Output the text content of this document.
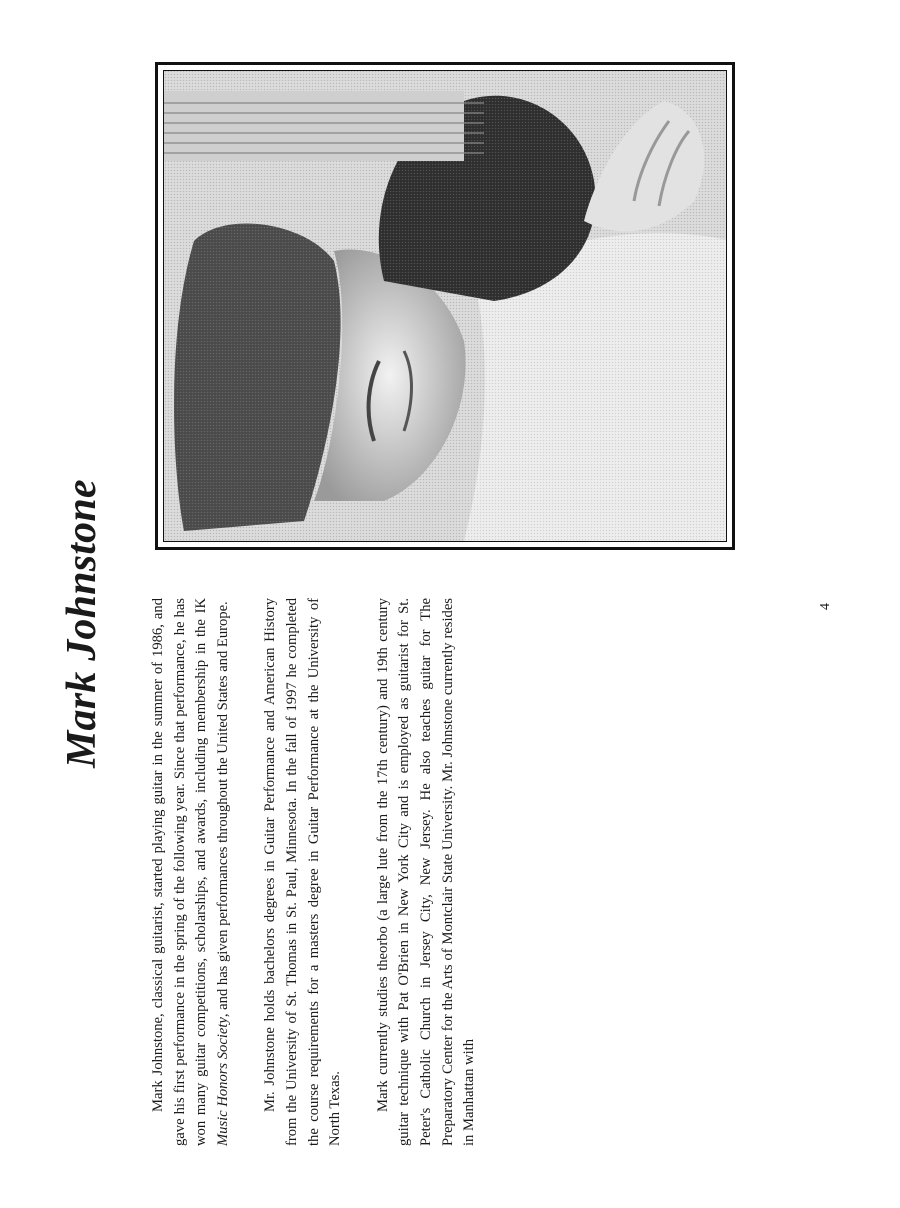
Mark Johnstone	Mark Johnstone, classical guitarist, started playing guitar in the summer of 1986, and gave his first performance in the spring of the following year. Since that performance, he has won many guitar competitions, scholarships, and awards, including membership in the IK Music Honors Society, and has given performances throughout the United States and Europe. Mr. Johnstone holds bachelors degrees in Guitar Performance and American History from the University of St. Thomas in St. Paul, Minnesota. In the fall of 1997 he completed the course requirements for a masters degree in Guitar Performance at the University of North Texas. Mark currently studies theorbo (a large lute from the 17th century) and 19th century guitar technique with Pat O'Brien in New York City and is employed as guitarist for St. Peter's Catholic Church in Jersey City, New Jersey. He also teaches guitar for The Preparatory Center for the Arts of Montclair State University. Mr. Johnstone currently resides in Manhattan with

4
